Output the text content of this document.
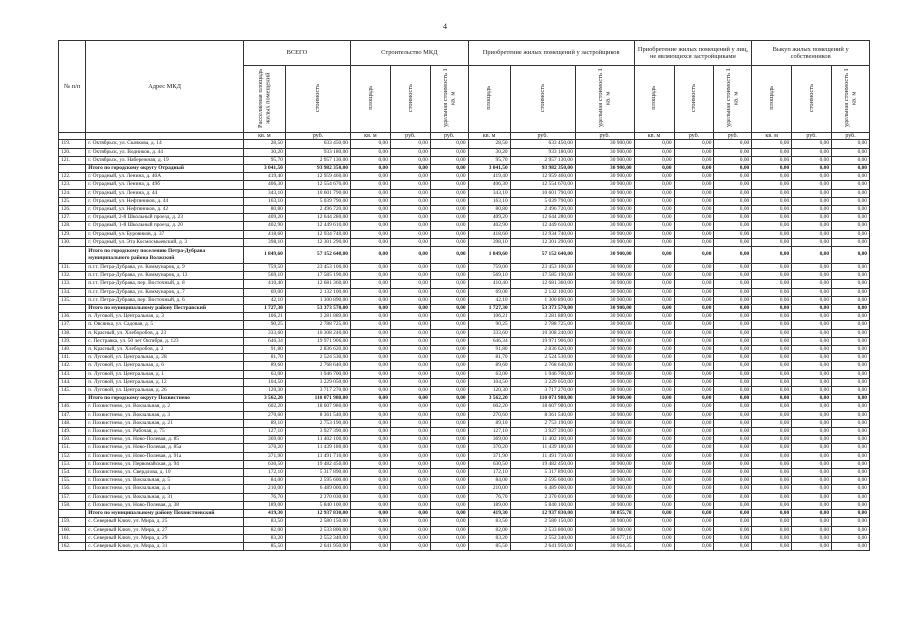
4
№ п/п	Адрес МКД	ВСЕГО		Строительство МКД			Приобретение жилых помещений у застройщиков			Приобретение жилых помещений у лиц, не являющихся застройщиками			Выкуп жилых помещений у собственников		
		Расселяемая площадь жилых помещений	стоимость	площадь	стоимость	удельная стоимость 1 кв. м	площадь	стоимость	удельная стоимость 1 кв. м	площадь	стоимость	удельная стоимость 1 кв. м	площадь	стоимость	удельная стоимость 1 кв. м
		кв. м	руб.	кв. м	руб.	руб.	кв. м	руб.	руб.	кв. м	руб.	руб.	кв. м	руб.	руб.
119.	г. Октябрьск, ул. Скачкова, д. 14	28,50	633 450,00	0,00	0,00	0,00	28,50	633 450,00	30 900,00	0,00	0,00	0,00	0,00	0,00	0,00
120.	г. Октябрьск, ул. Водников, д. 44	30,20	933 180,00	0,00	0,00	0,00	30,20	933 180,00	30 900,00	0,00	0,00	0,00	0,00	0,00	0,00
121.	г. Октябрьск, ул. Набережная, д. 19	95,70	2 957 130,00	0,00	0,00	0,00	95,70	2 957 130,00	30 900,00	0,00	0,00	0,00	0,00	0,00	0,00
	Итого по городскому округу Отрадный	3 041,50	93 982 350,00	0,00	0,00	0,00	3 041,50	93 982 350,00	30 900,00	0,00	0,00	0,00	0,00	0,00	0,00
122.	г. Отрадный, ул. Ленина, д. 40А	419,40	12 959 460,00	0,00	0,00	0,00	419,40	12 959 460,00	30 900,00	0,00	0,00	0,00	0,00	0,00	0,00
123.	г. Отрадный, ул. Ленина, д. 49б	406,30	12 554 670,00	0,00	0,00	0,00	406,30	12 554 670,00	30 900,00	0,00	0,00	0,00	0,00	0,00	0,00
124.	г. Отрадный, ул. Ленина, д. 44	343,10	10 601 790,00	0,00	0,00	0,00	343,10	10 601 790,00	30 900,00	0,00	0,00	0,00	0,00	0,00	0,00
125.	г. Отрадный, ул. Нефтяников, д. 44	163,10	5 039 790,00	0,00	0,00	0,00	163,10	5 039 790,00	30 900,00	0,00	0,00	0,00	0,00	0,00	0,00
126.	г. Отрадный, ул. Нефтяников, д. 42	80,80	2 496 720,00	0,00	0,00	0,00	80,80	2 496 720,00	30 900,00	0,00	0,00	0,00	0,00	0,00	0,00
127.	г. Отрадный, 2-й Школьный проезд, д. 23	409,20	12 644 280,00	0,00	0,00	0,00	409,20	12 644 280,00	30 900,00	0,00	0,00	0,00	0,00	0,00	0,00
128.	г. Отрадный, 1-й Школьный проезд, д. 20	402,90	12 449 610,00	0,00	0,00	0,00	402,90	12 449 610,00	30 900,00	0,00	0,00	0,00	0,00	0,00	0,00
129.	г. Отрадный, ул. Буровиков, д. 37	418,60	12 934 740,00	0,00	0,00	0,00	418,60	12 934 740,00	30 900,00	0,00	0,00	0,00	0,00	0,00	0,00
130.	г. Отрадный, ул. Эта Космосмыевский, д. 3	398,10	12 301 290,00	0,00	0,00	0,00	398,10	12 301 290,00	30 900,00	0,00	0,00	0,00	0,00	0,00	0,00
	Итого по городскому поселению Петра-Дубрава муниципального района Волжский	1 849,60	57 152 640,00	0,00	0,00	0,00	1 849,60	57 152 640,00	30 900,00	0,00	0,00	0,00	0,00	0,00	0,00
131.	п.г.т. Петра-Дубрава, ул. Коммунаров, д. 9	759,50	23 453 100,00	0,00	0,00	0,00	759,00	23 453 100,00	30 900,00	0,00	0,00	0,00	0,00	0,00	0,00
132.	п.г.т. Петра-Дубрава, ул. Коммунаров, д. 13	569,10	17 585 190,00	0,00	0,00	0,00	569,10	17 585 190,00	30 900,00	0,00	0,00	0,00	0,00	0,00	0,00
133.	п.г.т. Петра-Дубрава, пер. Восточный, д. 8	410,40	12 681 360,00	0,00	0,00	0,00	410,40	12 681 360,00	30 900,00	0,00	0,00	0,00	0,00	0,00	0,00
134.	п.г.т. Петра-Дубрава, ул. Коммунаров, д. 7	69,00	2 132 100,00	0,00	0,00	0,00	69,00	2 132 100,00	30 900,00	0,00	0,00	0,00	0,00	0,00	0,00
135.	п.г.т. Петра-Дубрава, пер. Восточный, д. 6	42,10	1 300 890,00	0,00	0,00	0,00	42,10	1 300 890,00	30 900,00	0,00	0,00	0,00	0,00	0,00	0,00
	Итого по муниципальному району Пестравский	1 727,30	53 373 570,00	0,00	0,00	0,00	1 727,30	53 373 570,00	30 900,00	0,00	0,00	0,00	0,00	0,00	0,00
136.	п. Луговой, ул. Центральная, д. 3	106,21	3 281 889,00	0,00	0,00	0,00	106,21	3 281 889,00	30 900,00	0,00	0,00	0,00	0,00	0,00	0,00
137.	п. Овсянка, ул. Садовая, д. 5	90,25	2 788 725,00	0,00	0,00	0,00	90,25	2 788 725,00	30 900,00	0,00	0,00	0,00	0,00	0,00	0,00
138.	п. Красный, ул. Хлеборобов, д. 23	333,60	10 308 240,00	0,00	0,00	0,00	333,60	10 308 240,00	30 900,00	0,00	0,00	0,00	0,00	0,00	0,00
139.	с. Пестравка, ул. 50 лет Октября, д. 123	646,34	19 971 906,00	0,00	0,00	0,00	646,34	19 971 906,00	30 900,00	0,00	0,00	0,00	0,00	0,00	0,00
140.	п. Красный, ул. Хлеборобов, д. 2	91,80	2 836 620,00	0,00	0,00	0,00	91,80	2 836 620,00	30 900,00	0,00	0,00	0,00	0,00	0,00	0,00
141.	п. Луговой, ул. Центральная, д. 28	81,70	2 524 530,00	0,00	0,00	0,00	81,70	2 524 530,00	30 900,00	0,00	0,00	0,00	0,00	0,00	0,00
142.	п. Луговой, ул. Центральная, д. 6	89,60	2 768 640,00	0,00	0,00	0,00	89,60	2 768 640,00	30 900,00	0,00	0,00	0,00	0,00	0,00	0,00
143.	п. Луговой, ул. Центральная, д. 1	63,00	1 946 700,00	0,00	0,00	0,00	63,00	1 946 700,00	30 900,00	0,00	0,00	0,00	0,00	0,00	0,00
144.	п. Луговой, ул. Центральная, д. 12	104,50	3 229 050,00	0,00	0,00	0,00	104,50	3 229 050,00	30 900,00	0,00	0,00	0,00	0,00	0,00	0,00
145.	п. Луговой, ул. Центральная, д. 26	120,30	3 717 270,00	0,00	0,00	0,00	120,30	3 717 270,00	30 900,00	0,00	0,00	0,00	0,00	0,00	0,00
	Итого по городскому округу Похвистнево	3 562,20	110 071 980,00	0,00	0,00	0,00	3 562,20	110 071 980,00	30 900,00	0,00	0,00	0,00	0,00	0,00	0,00
146.	г. Похвистнево, ул. Вокзальная, д. 2	602,20	18 607 980,00	0,00	0,00	0,00	602,20	18 607 980,00	30 900,00	0,00	0,00	0,00	0,00	0,00	0,00
147.	г. Похвистнево, ул. Вокзальная, д. 3	270,60	8 361 540,00	0,00	0,00	0,00	270,60	8 361 540,00	30 900,00	0,00	0,00	0,00	0,00	0,00	0,00
148.	г. Похвистнево, ул. Вокзальная, д. 21	89,10	2 753 190,00	0,00	0,00	0,00	89,10	2 753 190,00	30 900,00	0,00	0,00	0,00	0,00	0,00	0,00
149.	г. Похвистнево, ул. Рабочая, д. 75	127,10	3 927 390,00	0,00	0,00	0,00	127,10	3 927 390,00	30 900,00	0,00	0,00	0,00	0,00	0,00	0,00
150.	г. Похвистнево, ул. Ново-Полевая, д. 85	369,00	11 402 100,00	0,00	0,00	0,00	369,00	11 402 100,00	30 900,00	0,00	0,00	0,00	0,00	0,00	0,00
151.	г. Похвистнево, ул. Ново-Полевая, д. 85а	370,20	11 439 180,00	0,00	0,00	0,00	370,20	11 439 180,00	30 900,00	0,00	0,00	0,00	0,00	0,00	0,00
152.	г. Похвистнево, ул. Ново-Полевая, д. 91а	371,90	11 491 710,00	0,00	0,00	0,00	371,90	11 491 710,00	30 900,00	0,00	0,00	0,00	0,00	0,00	0,00
153.	г. Похвистнево, ул. Первомайская, д. 94	630,50	19 482 450,00	0,00	0,00	0,00	630,50	19 482 450,00	30 900,00	0,00	0,00	0,00	0,00	0,00	0,00
154.	г. Похвистнево, ул. Свердлова, д. 10	172,10	5 317 890,00	0,00	0,00	0,00	172,10	5 317 890,00	30 900,00	0,00	0,00	0,00	0,00	0,00	0,00
155.	г. Похвистнево, ул. Вокзальная, д. 5	84,00	2 595 600,00	0,00	0,00	0,00	84,00	2 595 600,00	30 900,00	0,00	0,00	0,00	0,00	0,00	0,00
156.	г. Похвистнево, ул. Вокзальная, д. 4	210,00	6 489 000,00	0,00	0,00	0,00	210,00	6 489 000,00	30 900,00	0,00	0,00	0,00	0,00	0,00	0,00
157.	г. Похвистнево, ул. Вокзальная, д. 31	76,70	2 370 030,00	0,00	0,00	0,00	76,70	2 370 030,00	30 900,00	0,00	0,00	0,00	0,00	0,00	0,00
158.	г. Похвистнево, ул. Ново-Полевая, д. 38	189,00	5 840 100,00	0,00	0,00	0,00	189,00	5 840 100,00	30 900,00	0,00	0,00	0,00	0,00	0,00	0,00
	Итого по муниципальному району Похвистневский	419,30	12 937 830,00	0,00	0,00	0,00	419,30	12 937 830,00	30 855,78	0,00	0,00	0,00	0,00	0,00	0,00
159.	с. Северный Ключ, ул. Мира, д. 25	83,50	2 580 150,00	0,00	0,00	0,00	83,50	2 580 150,00	30 900,00	0,00	0,00	0,00	0,00	0,00	0,00
160.	с. Северный Ключ, ул. Мира, д. 27	82,00	2 533 800,00	0,00	0,00	0,00	82,00	2 533 800,00	30 900,00	0,00	0,00	0,00	0,00	0,00	0,00
161.	с. Северный Ключ, ул. Мира, д. 29	83,20	2 552 340,00	0,00	0,00	0,00	83,20	2 552 340,00	30 677,16	0,00	0,00	0,00	0,00	0,00	0,00
162.	с. Северный Ключ, ул. Мира, д. 31	85,50	2 641 950,00	0,00	0,00	0,00	85,50	2 641 950,00	30 964,35	0,00	0,00	0,00	0,00	0,00	0,00
